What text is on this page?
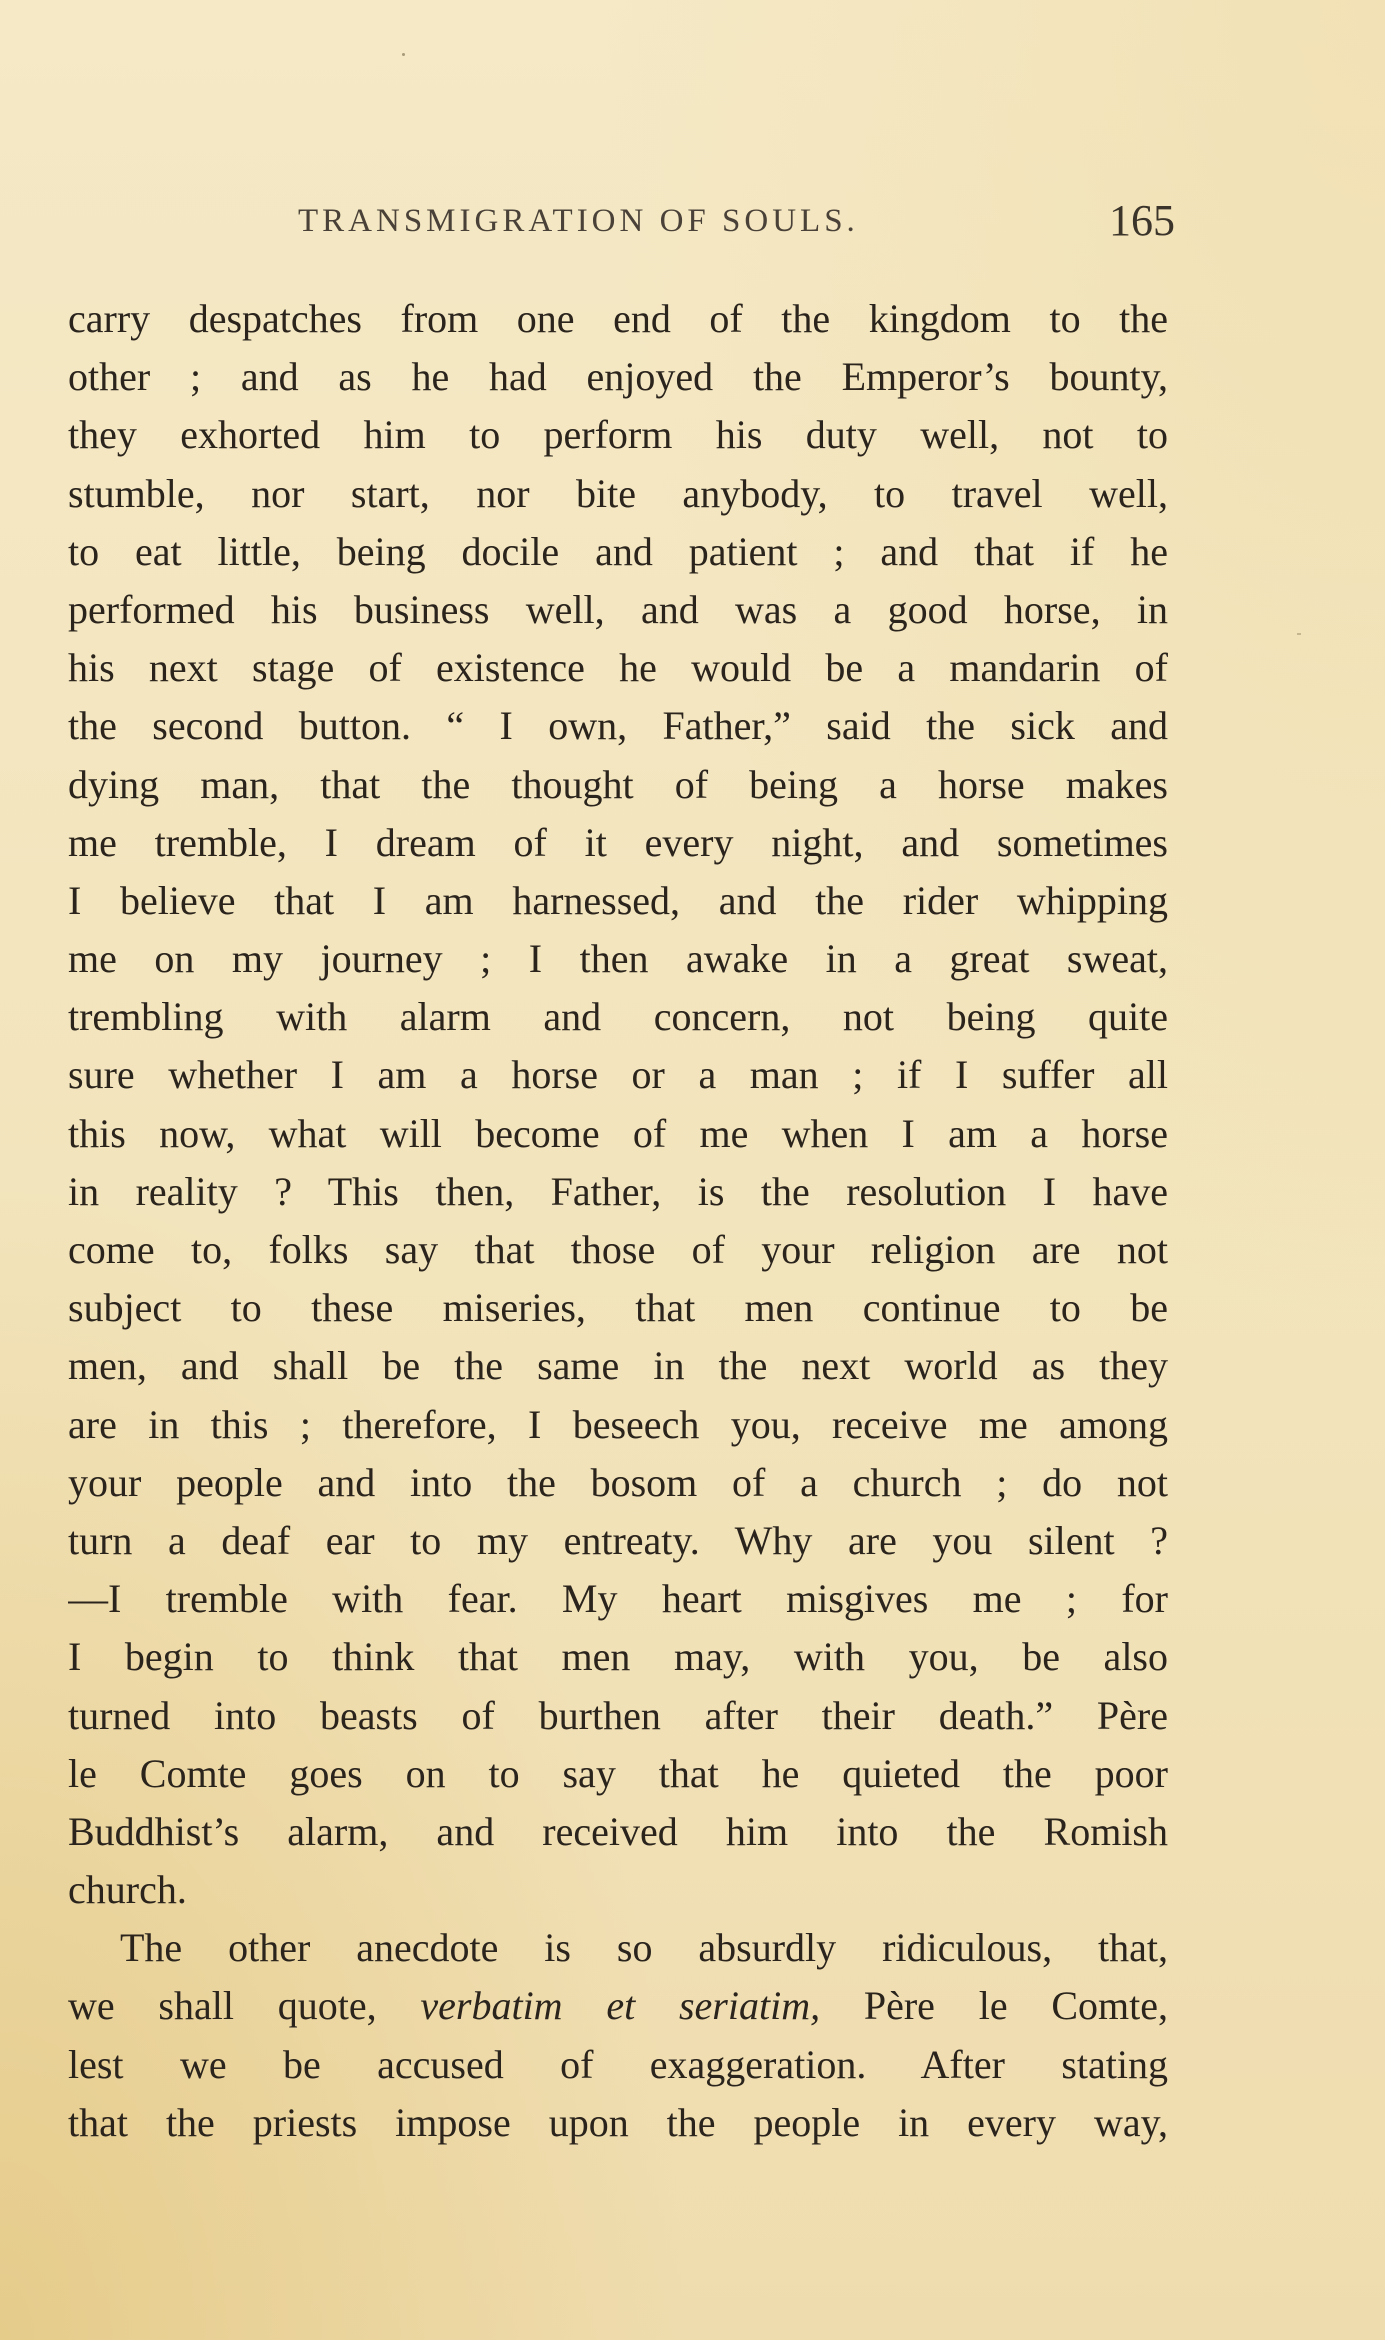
TRANSMIGRATION OF SOULS.	165
carry despatches from one end of the kingdom to the
other ; and as he had enjoyed the Emperor’s bounty,
they exhorted him to perform his duty well, not to
stumble, nor start, nor bite anybody, to travel well,
to eat little, being docile and patient ; and that if he
performed his business well, and was a good horse, in
his next stage of existence he would be a mandarin of
the second button. “ I own, Father,” said the sick and
dying man, that the thought of being a horse makes
me tremble, I dream of it every night, and sometimes
I believe that I am harnessed, and the rider whipping
me on my journey ; I then awake in a great sweat,
trembling with alarm and concern, not being quite
sure whether I am a horse or a man ; if I suffer all
this now, what will become of me when I am a horse
in reality ? This then, Father, is the resolution I have
come to, folks say that those of your religion are not
subject to these miseries, that men continue to be
men, and shall be the same in the next world as they
are in this ; therefore, I beseech you, receive me among
your people and into the bosom of a church ; do not
turn a deaf ear to my entreaty. Why are you silent ?
—I tremble with fear. My heart misgives me ; for
I begin to think that men may, with you, be also
turned into beasts of burthen after their death.” Père
le Comte goes on to say that he quieted the poor
Buddhist’s alarm, and received him into the Romish
church.
The other anecdote is so absurdly ridiculous, that,
we shall quote, verbatim et seriatim, Père le Comte,
lest we be accused of exaggeration. After stating
that the priests impose upon the people in every way,
